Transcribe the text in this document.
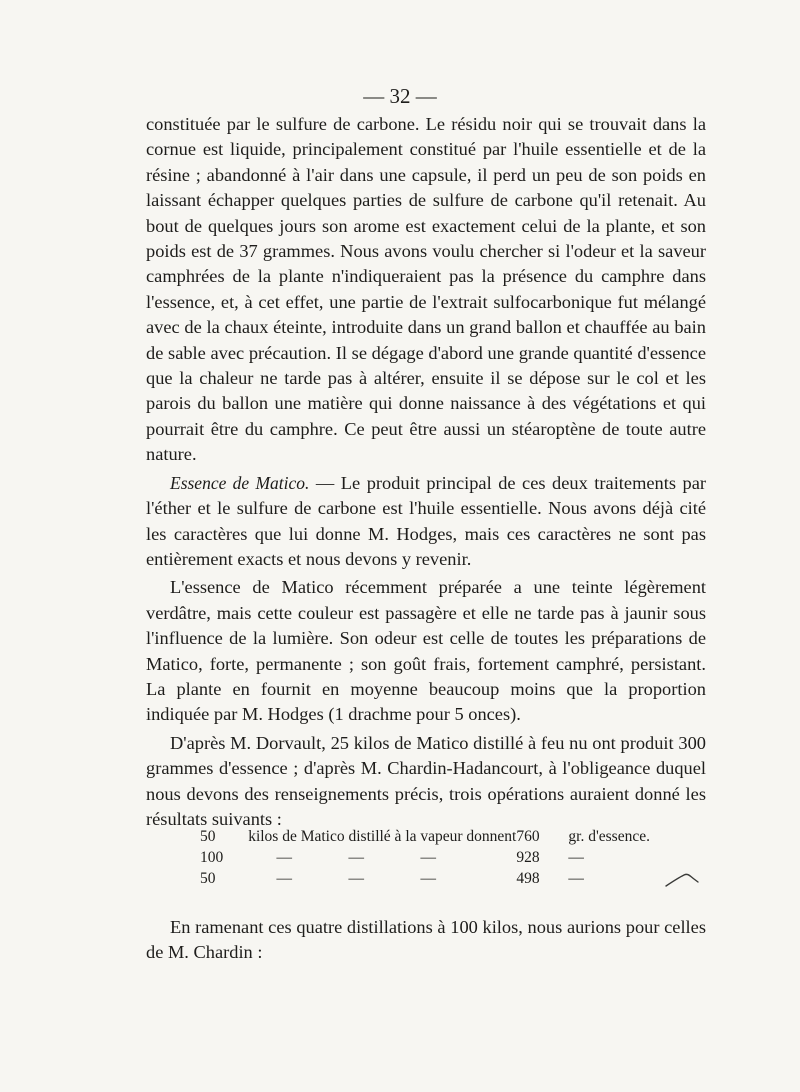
— 32 —

constituée par le sulfure de carbone. Le résidu noir qui se trouvait dans la cornue est liquide, principalement constitué par l'huile essentielle et de la résine ; abandonné à l'air dans une capsule, il perd un peu de son poids en laissant échapper quelques parties de sulfure de carbone qu'il retenait. Au bout de quelques jours son arome est exactement celui de la plante, et son poids est de 37 grammes. Nous avons voulu chercher si l'odeur et la saveur camphrées de la plante n'indiqueraient pas la présence du camphre dans l'essence, et, à cet effet, une partie de l'extrait sulfocarbonique fut mélangé avec de la chaux éteinte, introduite dans un grand ballon et chauffée au bain de sable avec précaution. Il se dégage d'abord une grande quantité d'essence que la chaleur ne tarde pas à altérer, ensuite il se dépose sur le col et les parois du ballon une matière qui donne naissance à des végétations et qui pourrait être du camphre. Ce peut être aussi un stéaroptène de toute autre nature.

Essence de Matico. — Le produit principal de ces deux traitements par l'éther et le sulfure de carbone est l'huile essentielle. Nous avons déjà cité les caractères que lui donne M. Hodges, mais ces caractères ne sont pas entièrement exacts et nous devons y revenir.

L'essence de Matico récemment préparée a une teinte légèrement verdâtre, mais cette couleur est passagère et elle ne tarde pas à jaunir sous l'influence de la lumière. Son odeur est celle de toutes les préparations de Matico, forte, permanente ; son goût frais, fortement camphré, persistant. La plante en fournit en moyenne beaucoup moins que la proportion indiquée par M. Hodges (1 drachme pour 5 onces).

D'après M. Dorvault, 25 kilos de Matico distillé à feu nu ont produit 300 grammes d'essence ; d'après M. Chardin-Hadancourt, à l'obligeance duquel nous devons des renseignements précis, trois opérations auraient donné les résultats suivants :

50	kilos de Matico distillé à la vapeur donnent	760	gr. d'essence.
100	— — —	928	—
50	— — —	498	—

En ramenant ces quatre distillations à 100 kilos, nous aurions pour celles de M. Chardin :
